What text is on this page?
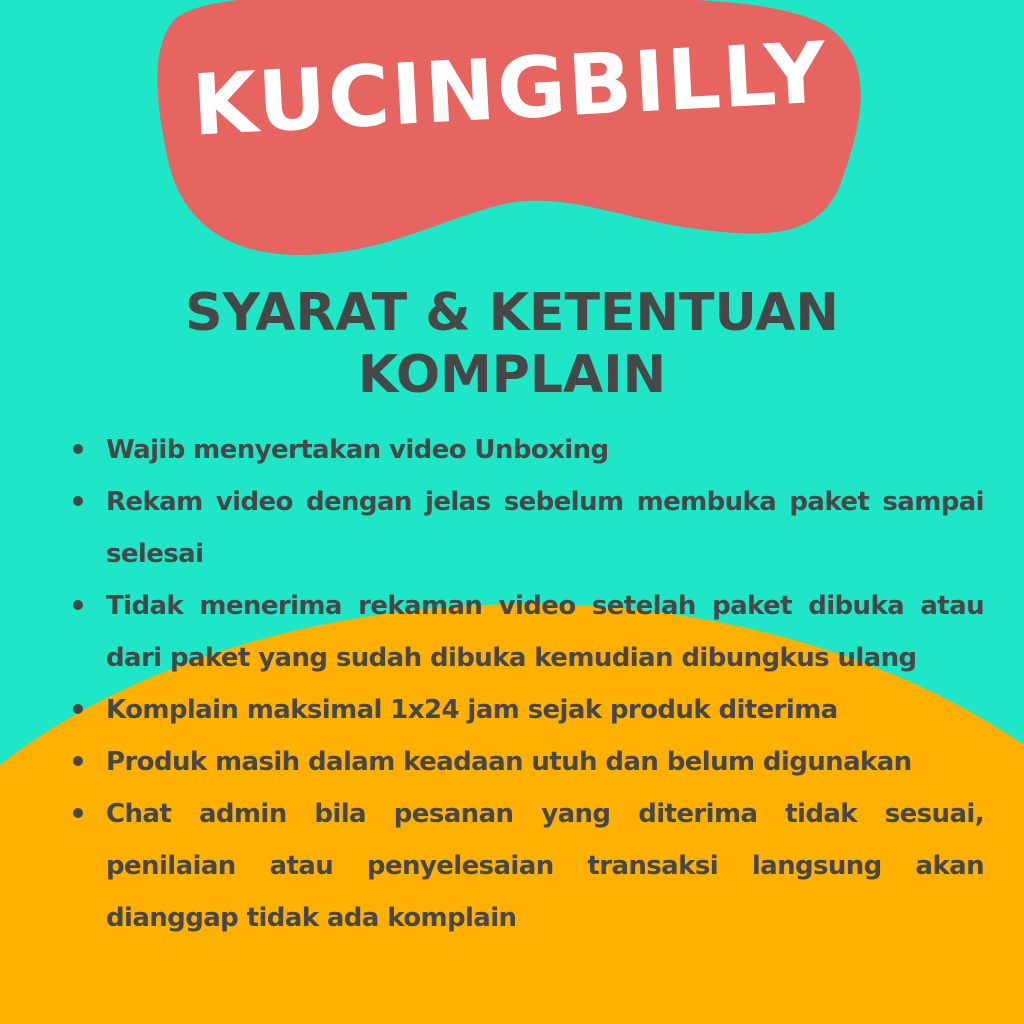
KUCINGBILLY
SYARAT & KETENTUAN
KOMPLAIN
Wajib menyertakan video Unboxing
Rekam video dengan jelas sebelum membuka paket sampai selesai
Tidak menerima rekaman video setelah paket dibuka atau dari paket yang sudah dibuka kemudian dibungkus ulang
Komplain maksimal 1x24 jam sejak produk diterima
Produk masih dalam keadaan utuh dan belum digunakan
Chat admin bila pesanan yang diterima tidak sesuai, penilaian atau penyelesaian transaksi langsung akan dianggap tidak ada komplain
